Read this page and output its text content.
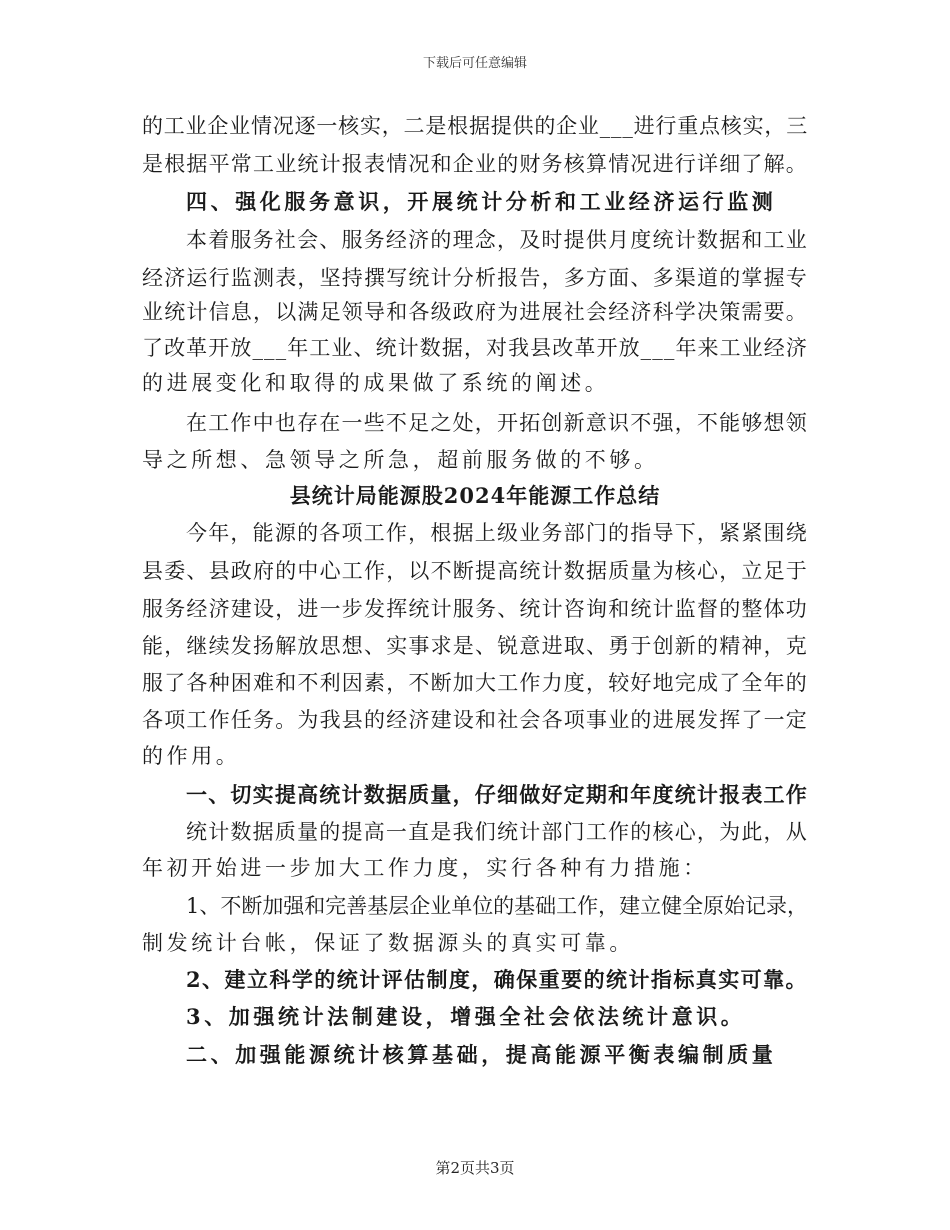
下载后可任意编辑
的工业企业情况逐一核实，二是根据提供的企业___进行重点核实，三
是根据平常工业统计报表情况和企业的财务核算情况进行详细了解。
四、强化服务意识，开展统计分析和工业经济运行监测
本着服务社会、服务经济的理念，及时提供月度统计数据和工业
经济运行监测表，坚持撰写统计分析报告，多方面、多渠道的掌握专
业统计信息，以满足领导和各级政府为进展社会经济科学决策需要。
了改革开放___年工业、统计数据，对我县改革开放___年来工业经济
的进展变化和取得的成果做了系统的阐述。
在工作中也存在一些不足之处，开拓创新意识不强，不能够想领
导之所想、急领导之所急，超前服务做的不够。
县统计局能源股2024年能源工作总结
今年，能源的各项工作，根据上级业务部门的指导下，紧紧围绕
县委、县政府的中心工作，以不断提高统计数据质量为核心，立足于
服务经济建设，进一步发挥统计服务、统计咨询和统计监督的整体功
能，继续发扬解放思想、实事求是、锐意进取、勇于创新的精神，克
服了各种困难和不利因素，不断加大工作力度，较好地完成了全年的
各项工作任务。为我县的经济建设和社会各项事业的进展发挥了一定
的作用。
一、切实提高统计数据质量，仔细做好定期和年度统计报表工作
统计数据质量的提高一直是我们统计部门工作的核心，为此，从
年初开始进一步加大工作力度，实行各种有力措施：
1、不断加强和完善基层企业单位的基础工作，建立健全原始记录，
制发统计台帐，保证了数据源头的真实可靠。
2、建立科学的统计评估制度，确保重要的统计指标真实可靠。
3、加强统计法制建设，增强全社会依法统计意识。
二、加强能源统计核算基础，提高能源平衡表编制质量
第2页共3页
